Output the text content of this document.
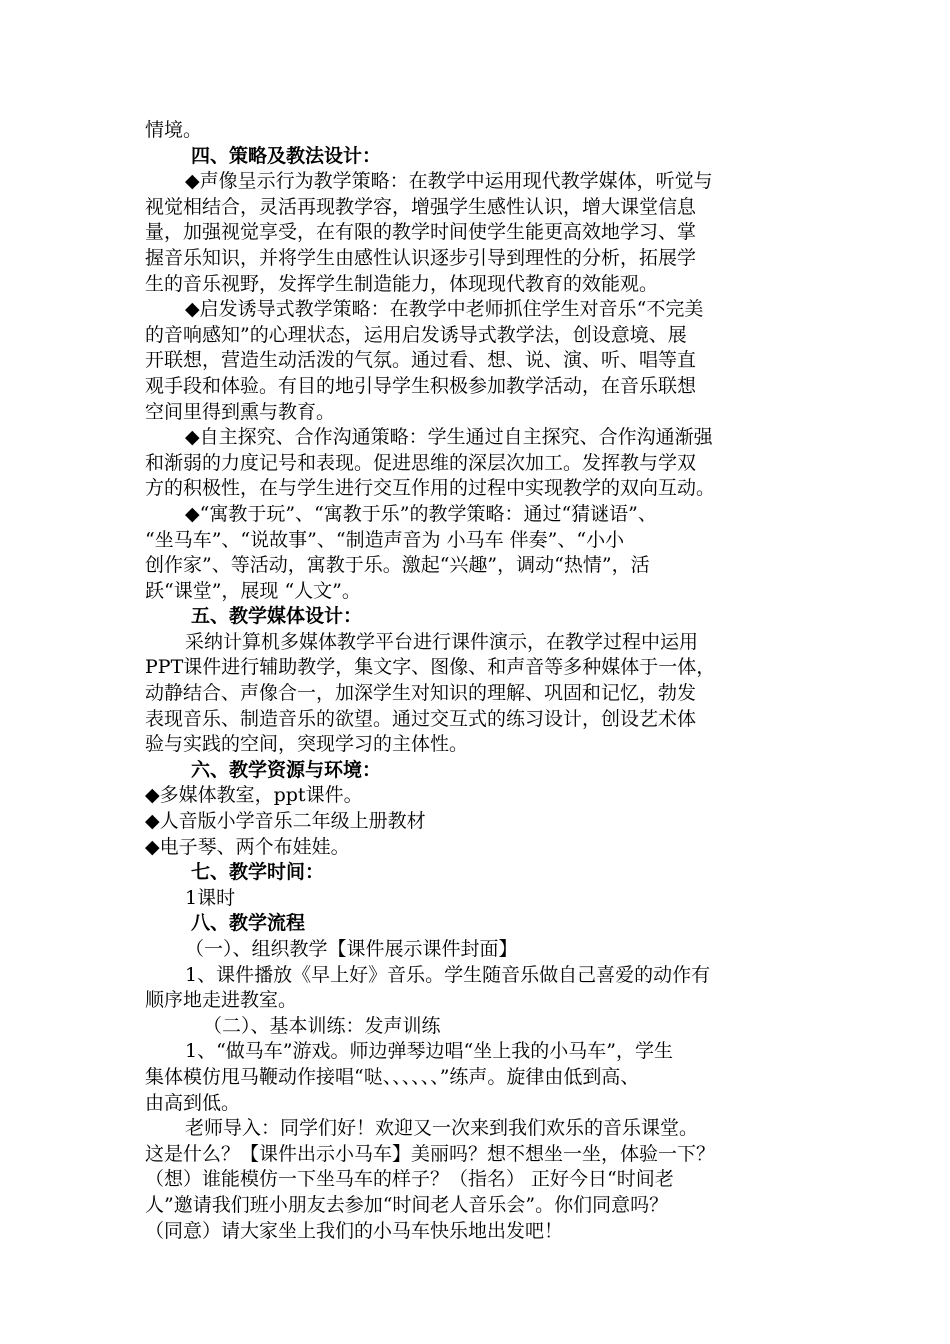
情境。
四、策略及教法设计：
◆声像呈示行为教学策略：在教学中运用现代教学媒体，听觉与
视觉相结合，灵活再现教学容，增强学生感性认识，增大课堂信息
量，加强视觉享受，在有限的教学时间使学生能更高效地学习、掌
握音乐知识，并将学生由感性认识逐步引导到理性的分析，拓展学
生的音乐视野，发挥学生制造能力，体现现代教育的效能观。
◆启发诱导式教学策略：在教学中老师抓住学生对音乐“不完美
的音响感知”的心理状态，运用启发诱导式教学法，创设意境、展
开联想，营造生动活泼的气氛。通过看、想、说、演、听、唱等直
观手段和体验。有目的地引导学生积极参加教学活动，在音乐联想
空间里得到熏与教育。
◆自主探究、合作沟通策略：学生通过自主探究、合作沟通渐强
和渐弱的力度记号和表现。促进思维的深层次加工。发挥教与学双
方的积极性，在与学生进行交互作用的过程中实现教学的双向互动。
◆“寓教于玩”、“寓教于乐”的教学策略：通过“猜谜语”、
“坐马车”、“说故事”、“制造声音为 小马车 伴奏”、“小小
创作家”、等活动，寓教于乐。激起“兴趣”，调动“热情”，活
跃“课堂”，展现 “人文”。
五、教学媒体设计：
采纳计算机多媒体教学平台进行课件演示，在教学过程中运用
PPT课件进行辅助教学，集文字、图像、和声音等多种媒体于一体，
动静结合、声像合一，加深学生对知识的理解、巩固和记忆，勃发
表现音乐、制造音乐的欲望。通过交互式的练习设计，创设艺术体
验与实践的空间，突现学习的主体性。
六、教学资源与环境：
◆多媒体教室，ppt课件。
◆人音版小学音乐二年级上册教材
◆电子琴、两个布娃娃。
七、教学时间：
1课时
八、教学流程
（一）、组织教学【课件展示课件封面】
1、课件播放《早上好》音乐。学生随音乐做自己喜爱的动作有
顺序地走进教室。
（二）、基本训练：发声训练
1、“做马车”游戏。师边弹琴边唱“坐上我的小马车”，学生
集体模仿甩马鞭动作接唱“哒、、、、、、”练声。旋律由低到高、
由高到低。
老师导入：同学们好！欢迎又一次来到我们欢乐的音乐课堂。
这是什么？【课件出示小马车】美丽吗？想不想坐一坐，体验一下？
（想）谁能模仿一下坐马车的样子？（指名） 正好今日“时间老
人”邀请我们班小朋友去参加“时间老人音乐会”。你们同意吗？
（同意）请大家坐上我们的小马车快乐地出发吧！
